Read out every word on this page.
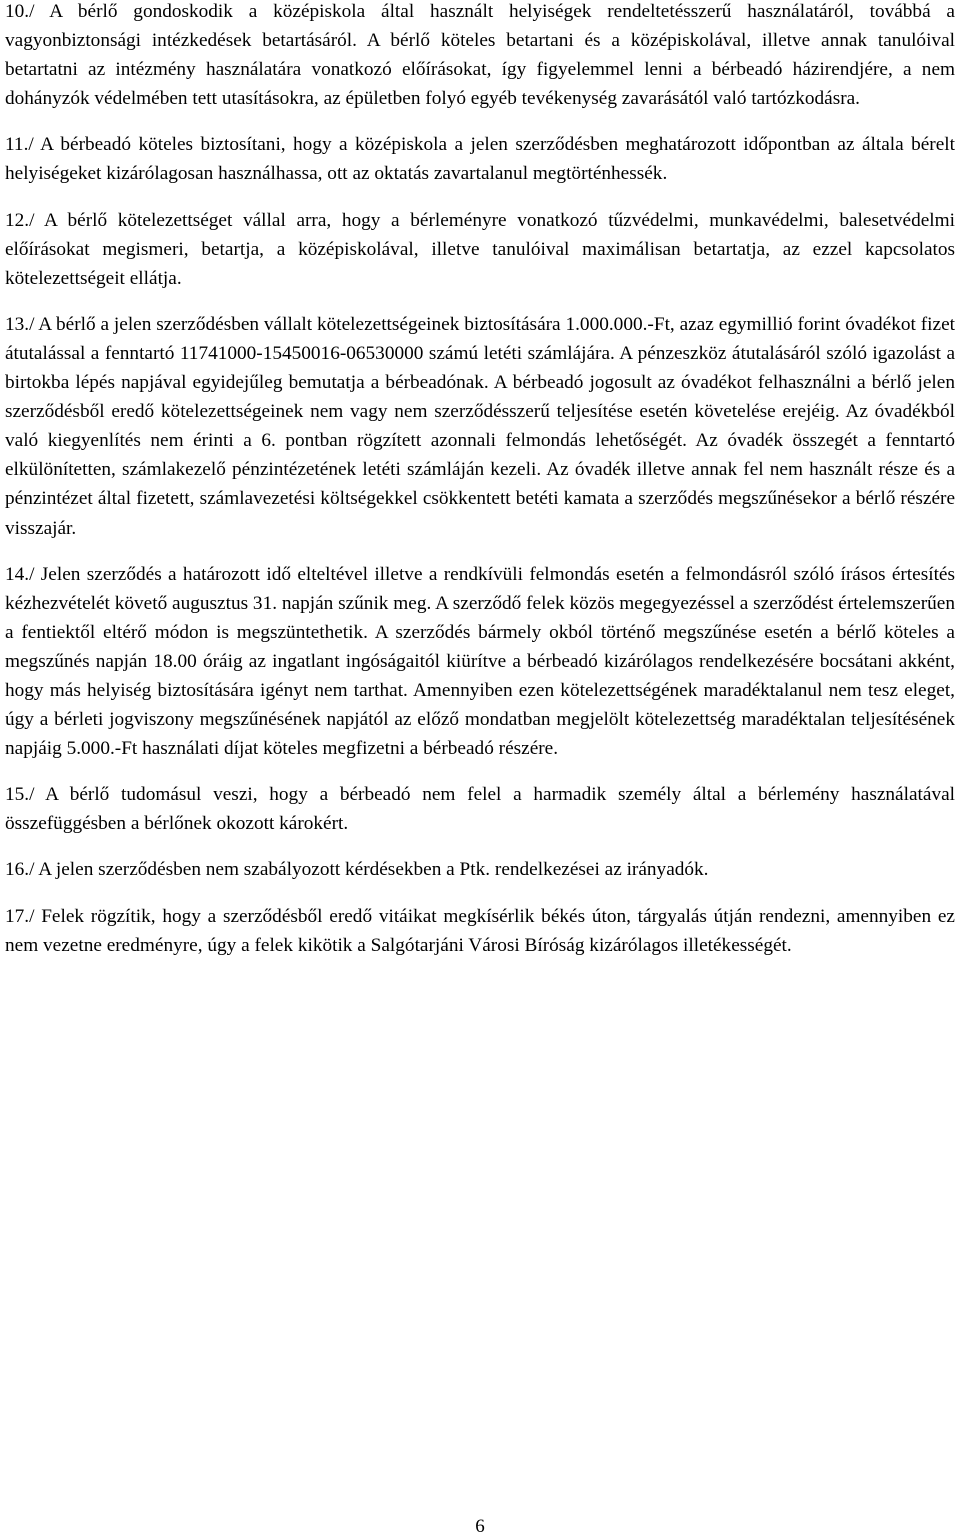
10./ A bérlő gondoskodik a középiskola által használt helyiségek rendeltetésszerű használatáról, továbbá a vagyonbiztonsági intézkedések betartásáról. A bérlő köteles betartani és a középiskolával, illetve annak tanulóival betartatni az intézmény használatára vonatkozó előírásokat, így figyelemmel lenni a bérbeadó házirendjére, a nem dohányzók védelmében tett utasításokra, az épületben folyó egyéb tevékenység zavarásától való tartózkodásra.

11./ A bérbeadó köteles biztosítani, hogy a középiskola a jelen szerződésben meghatározott időpontban az általa bérelt helyiségeket kizárólagosan használhassa, ott az oktatás zavartalanul megtörténhessék.

12./ A bérlő kötelezettséget vállal arra, hogy a bérleményre vonatkozó tűzvédelmi, munkavédelmi, balesetvédelmi előírásokat megismeri, betartja, a középiskolával, illetve tanulóival maximálisan betartatja, az ezzel kapcsolatos kötelezettségeit ellátja.

13./ A bérlő a jelen szerződésben vállalt kötelezettségeinek biztosítására 1.000.000.-Ft, azaz egymillió forint óvadékot fizet átutalással a fenntartó 11741000-15450016-06530000 számú letéti számlájára. A pénzeszköz átutalásáról szóló igazolást a birtokba lépés napjával egyidejűleg bemutatja a bérbeadónak. A bérbeadó jogosult az óvadékot felhasználni a bérlő jelen szerződésből eredő kötelezettségeinek nem vagy nem szerződésszerű teljesítése esetén követelése erejéig. Az óvadékból való kiegyenlítés nem érinti a 6. pontban rögzített azonnali felmondás lehetőségét. Az óvadék összegét a fenntartó elkülönítetten, számlakezelő pénzintézetének letéti számláján kezeli. Az óvadék illetve annak fel nem használt része és a pénzintézet által fizetett, számlavezetési költségekkel csökkentett betéti kamata a szerződés megszűnésekor a bérlő részére visszajár.

14./ Jelen szerződés a határozott idő elteltével illetve a rendkívüli felmondás esetén a felmondásról szóló írásos értesítés kézhezvételét követő augusztus 31. napján szűnik meg. A szerződő felek közös megegyezéssel a szerződést értelemszerűen a fentiektől eltérő módon is megszüntethetik. A szerződés bármely okból történő megszűnése esetén a bérlő köteles a megszűnés napján 18.00 óráig az ingatlant ingóságaitól kiürítve a bérbeadó kizárólagos rendelkezésére bocsátani akként, hogy más helyiség biztosítására igényt nem tarthat. Amennyiben ezen kötelezettségének maradéktalanul nem tesz eleget, úgy a bérleti jogviszony megszűnésének napjától az előző mondatban megjelölt kötelezettség maradéktalan teljesítésének napjáig 5.000.-Ft használati díjat köteles megfizetni a bérbeadó részére.

15./ A bérlő tudomásul veszi, hogy a bérbeadó nem felel a harmadik személy által a bérlemény használatával összefüggésben a bérlőnek okozott károkért.

16./ A jelen szerződésben nem szabályozott kérdésekben a Ptk. rendelkezései az irányadók.

17./ Felek rögzítik, hogy a szerződésből eredő vitáikat megkísérlik békés úton, tárgyalás útján rendezni, amennyiben ez nem vezetne eredményre, úgy a felek kikötik a Salgótarjáni Városi Bíróság kizárólagos illetékességét.

6
